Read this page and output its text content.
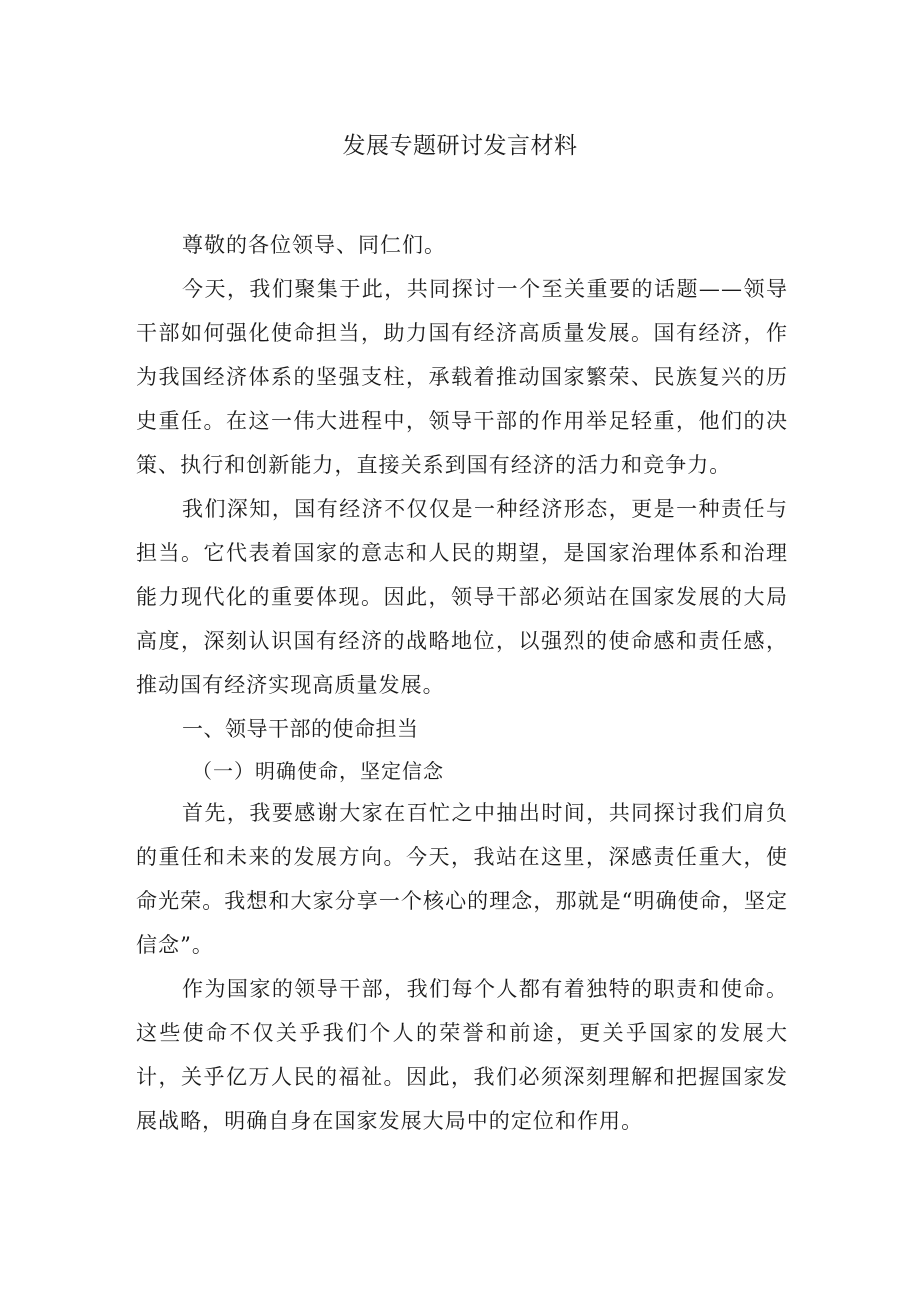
发展专题研讨发言材料

尊敬的各位领导、同仁们。

今天，我们聚集于此，共同探讨一个至关重要的话题——领导干部如何强化使命担当，助力国有经济高质量发展。国有经济，作为我国经济体系的坚强支柱，承载着推动国家繁荣、民族复兴的历史重任。在这一伟大进程中，领导干部的作用举足轻重，他们的决策、执行和创新能力，直接关系到国有经济的活力和竞争力。

我们深知，国有经济不仅仅是一种经济形态，更是一种责任与担当。它代表着国家的意志和人民的期望，是国家治理体系和治理能力现代化的重要体现。因此，领导干部必须站在国家发展的大局高度，深刻认识国有经济的战略地位，以强烈的使命感和责任感，推动国有经济实现高质量发展。

一、领导干部的使命担当
（一）明确使命，坚定信念

首先，我要感谢大家在百忙之中抽出时间，共同探讨我们肩负的重任和未来的发展方向。今天，我站在这里，深感责任重大，使命光荣。我想和大家分享一个核心的理念，那就是“明确使命，坚定信念”。

作为国家的领导干部，我们每个人都有着独特的职责和使命。这些使命不仅关乎我们个人的荣誉和前途，更关乎国家的发展大计，关乎亿万人民的福祉。因此，我们必须深刻理解和把握国家发展战略，明确自身在国家发展大局中的定位和作用。
